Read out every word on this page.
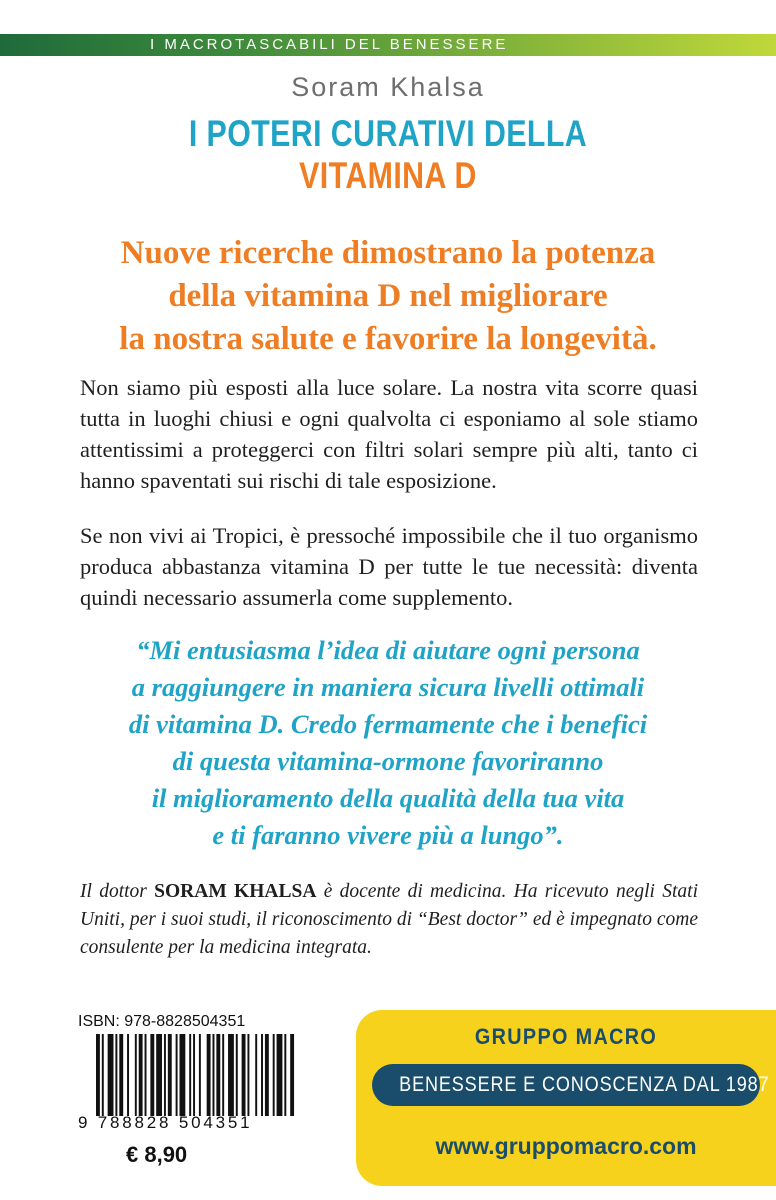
I MACROTASCABILI DEL BENESSERE
Soram Khalsa
I POTERI CURATIVI DELLA
VITAMINA D
Nuove ricerche dimostrano la potenza
della vitamina D nel migliorare
la nostra salute e favorire la longevità.
Non siamo più esposti alla luce solare. La nostra vita scorre quasi tutta in luoghi chiusi e ogni qualvolta ci esponiamo al sole stiamo attentissimi a proteggerci con filtri solari sempre più alti, tanto ci hanno spaventati sui rischi di tale esposizione.
Se non vivi ai Tropici, è pressoché impossibile che il tuo organismo produca abbastanza vitamina D per tutte le tue necessità: diventa quindi necessario assumerla come supplemento.
“Mi entusiasma l’idea di aiutare ogni persona
a raggiungere in maniera sicura livelli ottimali
di vitamina D. Credo fermamente che i benefici
di questa vitamina-ormone favoriranno
il miglioramento della qualità della tua vita
e ti faranno vivere più a lungo”.
Il dottor SORAM KHALSA è docente di medicina. Ha ricevuto negli Stati Uniti, per i suoi studi, il riconoscimento di “Best doctor” ed è impegnato come consulente per la medicina integrata.
ISBN: 978-8828504351
9 788828 504351
€ 8,90
GRUPPO MACRO
BENESSERE E CONOSCENZA DAL 1987
www.gruppomacro.com
